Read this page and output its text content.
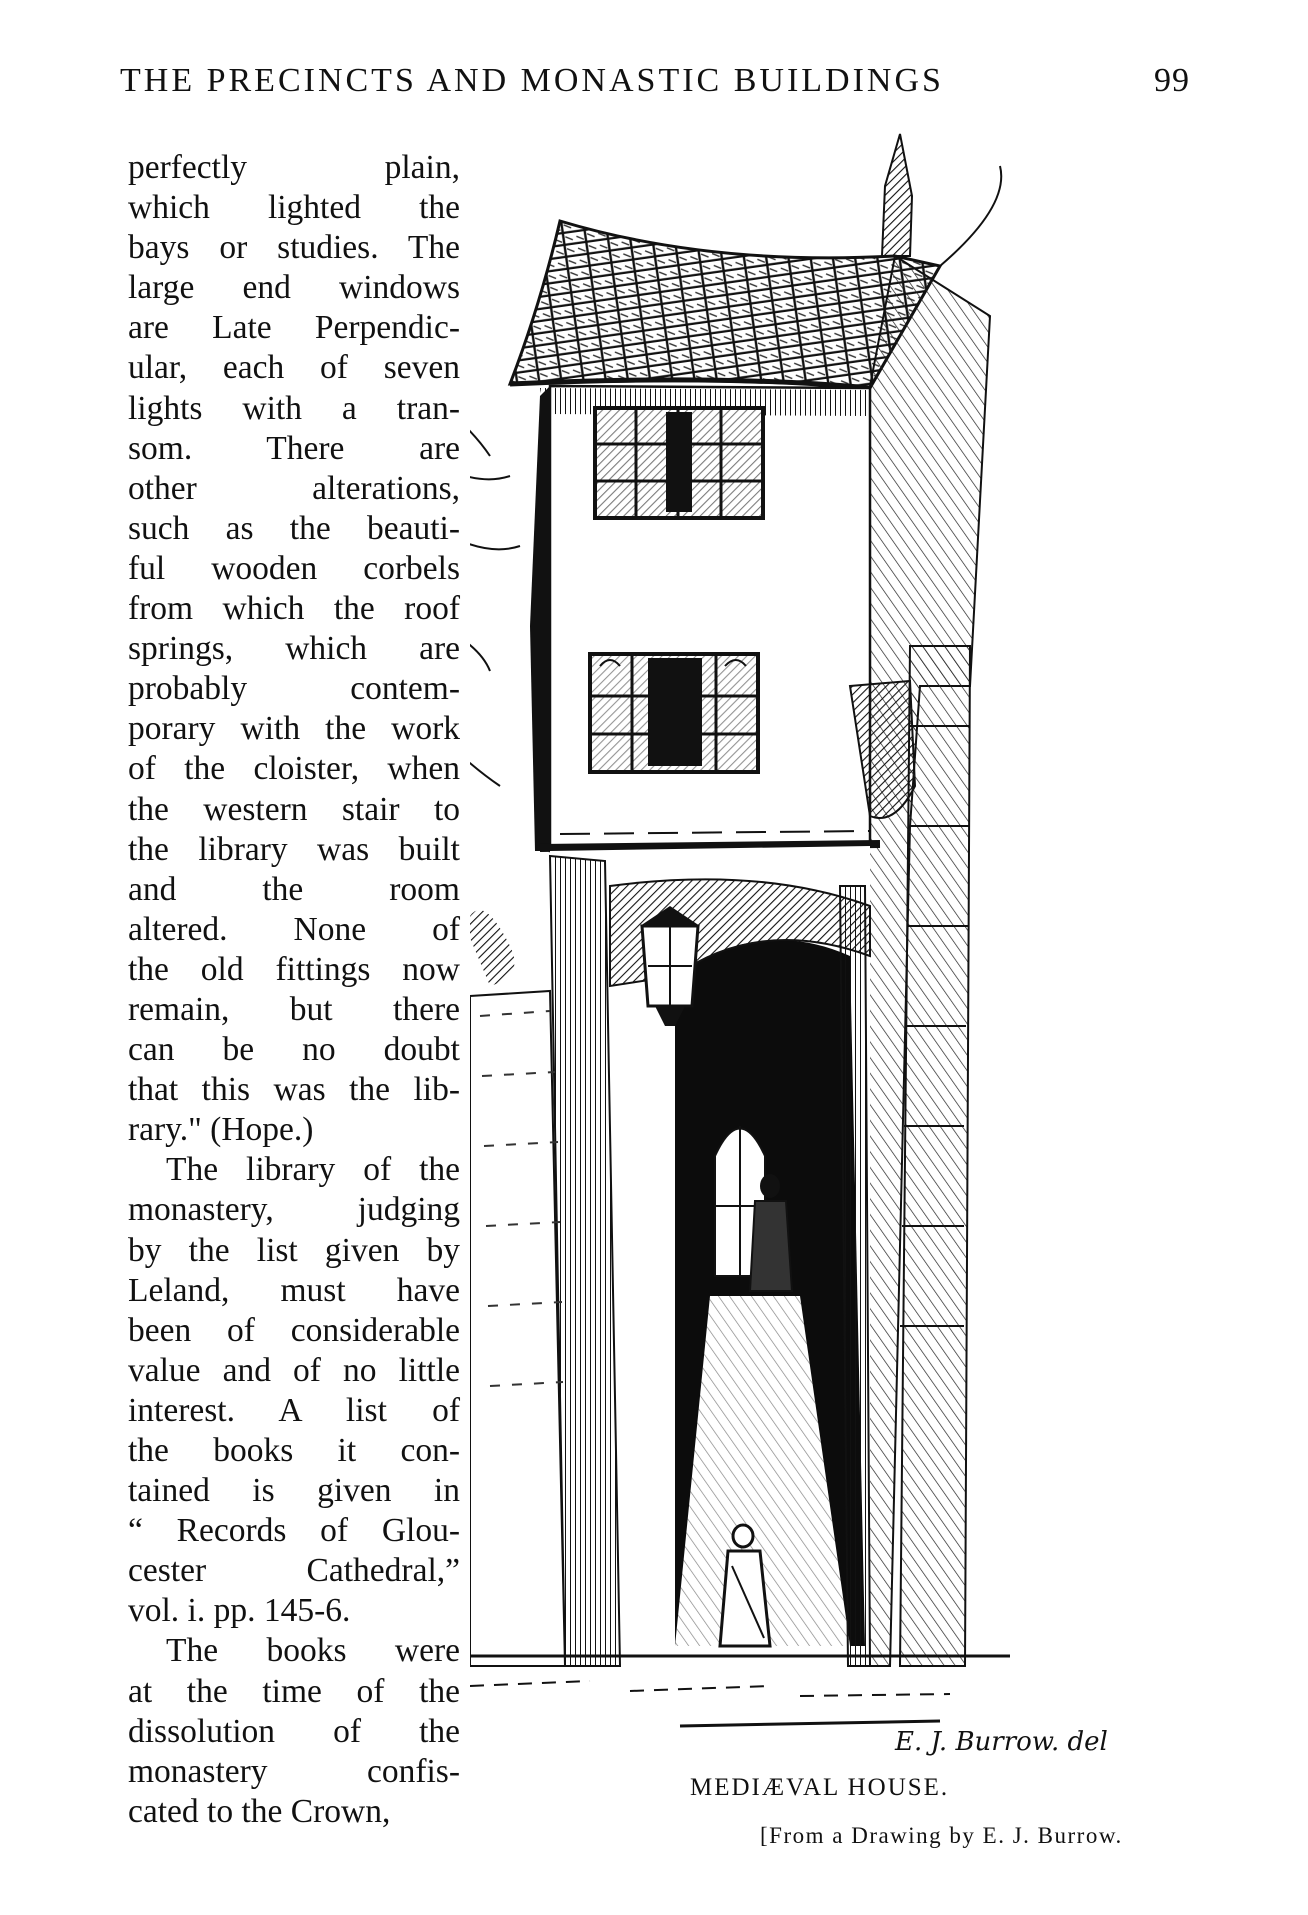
THE PRECINCTS AND MONASTIC BUILDINGS	99
perfectly plain,
which lighted the
bays or studies. The
large end windows
are Late Perpendic-
ular, each of seven
lights with a tran-
som. There are
other alterations,
such as the beauti-
ful wooden corbels
from which the roof
springs, which are
probably contem-
porary with the work
of the cloister, when
the western stair to
the library was built
and the room
altered. None of
the old fittings now
remain, but there
can be no doubt
that this was the lib-
rary." (Hope.)
The library of the
monastery, judging
by the list given by
Leland, must have
been of considerable
value and of no little
interest. A list of
the books it con-
tained is given in
“ Records of Glou-
cester Cathedral,”
vol. i. pp. 145-6.
The books were
at the time of the
dissolution of the
monastery confis-
cated to the Crown,
E. J. Burrow. del
MEDIÆVAL HOUSE.
[From a Drawing by E. J. Burrow.
